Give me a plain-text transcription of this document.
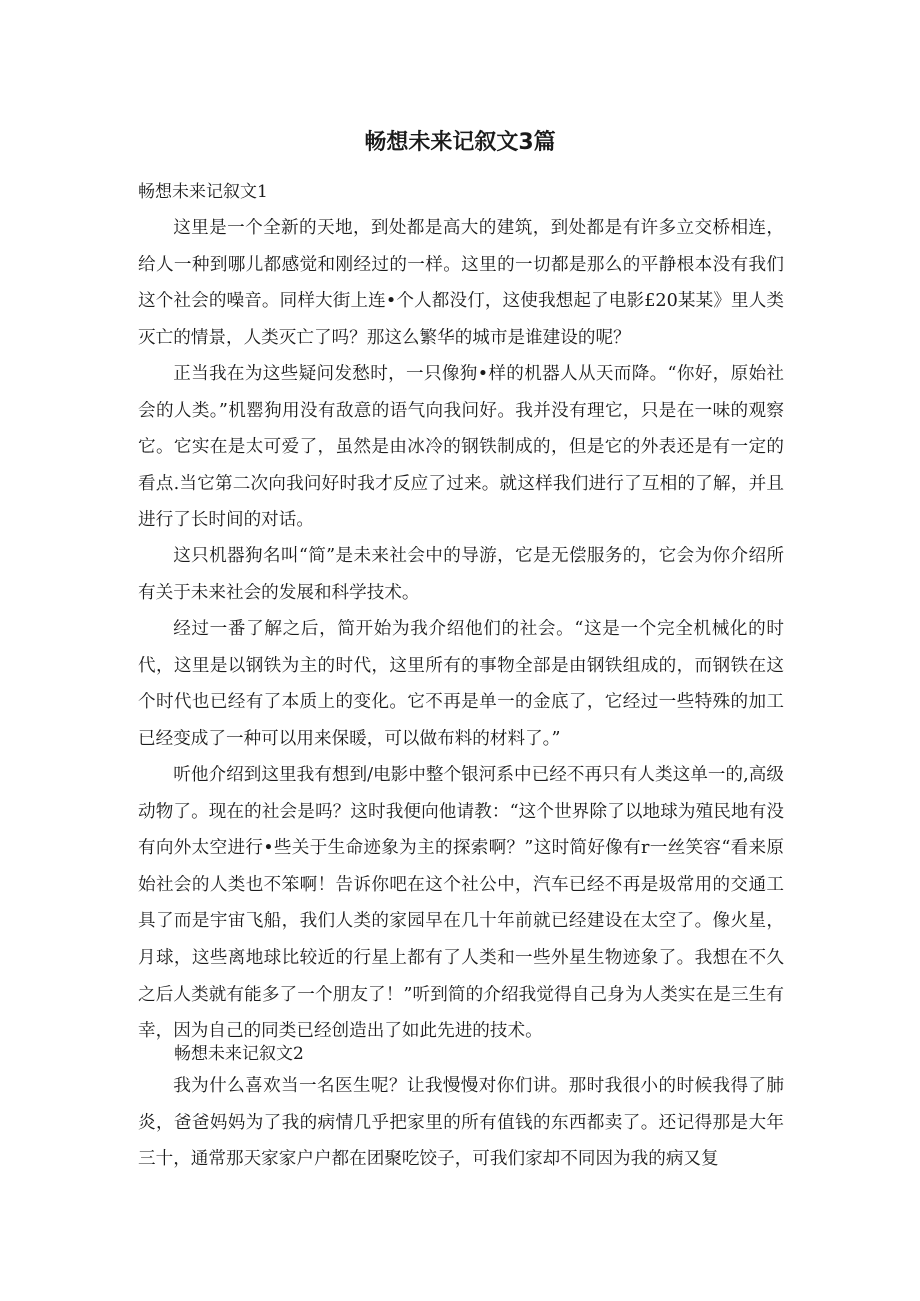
畅想未来记叙文3篇
畅想未来记叙文1

这里是一个全新的天地，到处都是高大的建筑，到处都是有许多立交桥相连，给人一种到哪儿都感觉和刚经过的一样。这里的一切都是那么的平静根本没有我们这个社会的噪音。同样大街上连•个人都没仃，这使我想起了电影£20某某》里人类灭亡的情景，人类灭亡了吗？那这么繁华的城市是谁建设的呢？

正当我在为这些疑问发愁时，一只像狗•样的机器人从天而降。“你好，原始社会的人类。”机罂狗用没有敌意的语气向我问好。我并没有理它，只是在一味的观察它。它实在是太可爱了，虽然是由冰冷的钢铁制成的，但是它的外表还是有一定的看点.当它第二次向我问好时我才反应了过来。就这样我们进行了互相的了解，并且进行了长时间的对话。

这只机器狗名叫“简”是未来社会中的导游，它是无偿服务的，它会为你介绍所有关于未来社会的发展和科学技术。

经过一番了解之后，简开始为我介绍他们的社会。“这是一个完全机械化的时代，这里是以钢铁为主的时代，这里所有的事物全部是由钢铁组成的，而钢铁在这个时代也已经有了本质上的变化。它不再是单一的金底了，它经过一些特殊的加工已经变成了一种可以用来保暖，可以做布料的材料了。”

听他介绍到这里我有想到/电影中整个银河系中已经不再只有人类这单一的,高级动物了。现在的社会是吗？这时我便向他请教：“这个世界除了以地球为殖民地有没有向外太空进行•些关于生命迹象为主的探索啊？”这时简好像有r一丝笑容“看来原始社会的人类也不笨啊！告诉你吧在这个社公中，汽车已经不再是圾常用的交通工具了而是宇宙飞船，我们人类的家园早在几十年前就已经建设在太空了。像火星，月球，这些离地球比较近的行星上都有了人类和一些外星生物迹象了。我想在不久之后人类就有能多了一个朋友了！”听到简的介绍我觉得自己身为人类实在是三生有幸，因为自己的同类已经创造出了如此先进的技术。

畅想未来记叙文2

我为什么喜欢当一名医生呢？让我慢慢对你们讲。那时我很小的时候我得了肺炎，爸爸妈妈为了我的病情几乎把家里的所有值钱的东西都卖了。还记得那是大年三十，通常那天家家户户都在团聚吃饺子，可我们家却不同因为我的病又复
